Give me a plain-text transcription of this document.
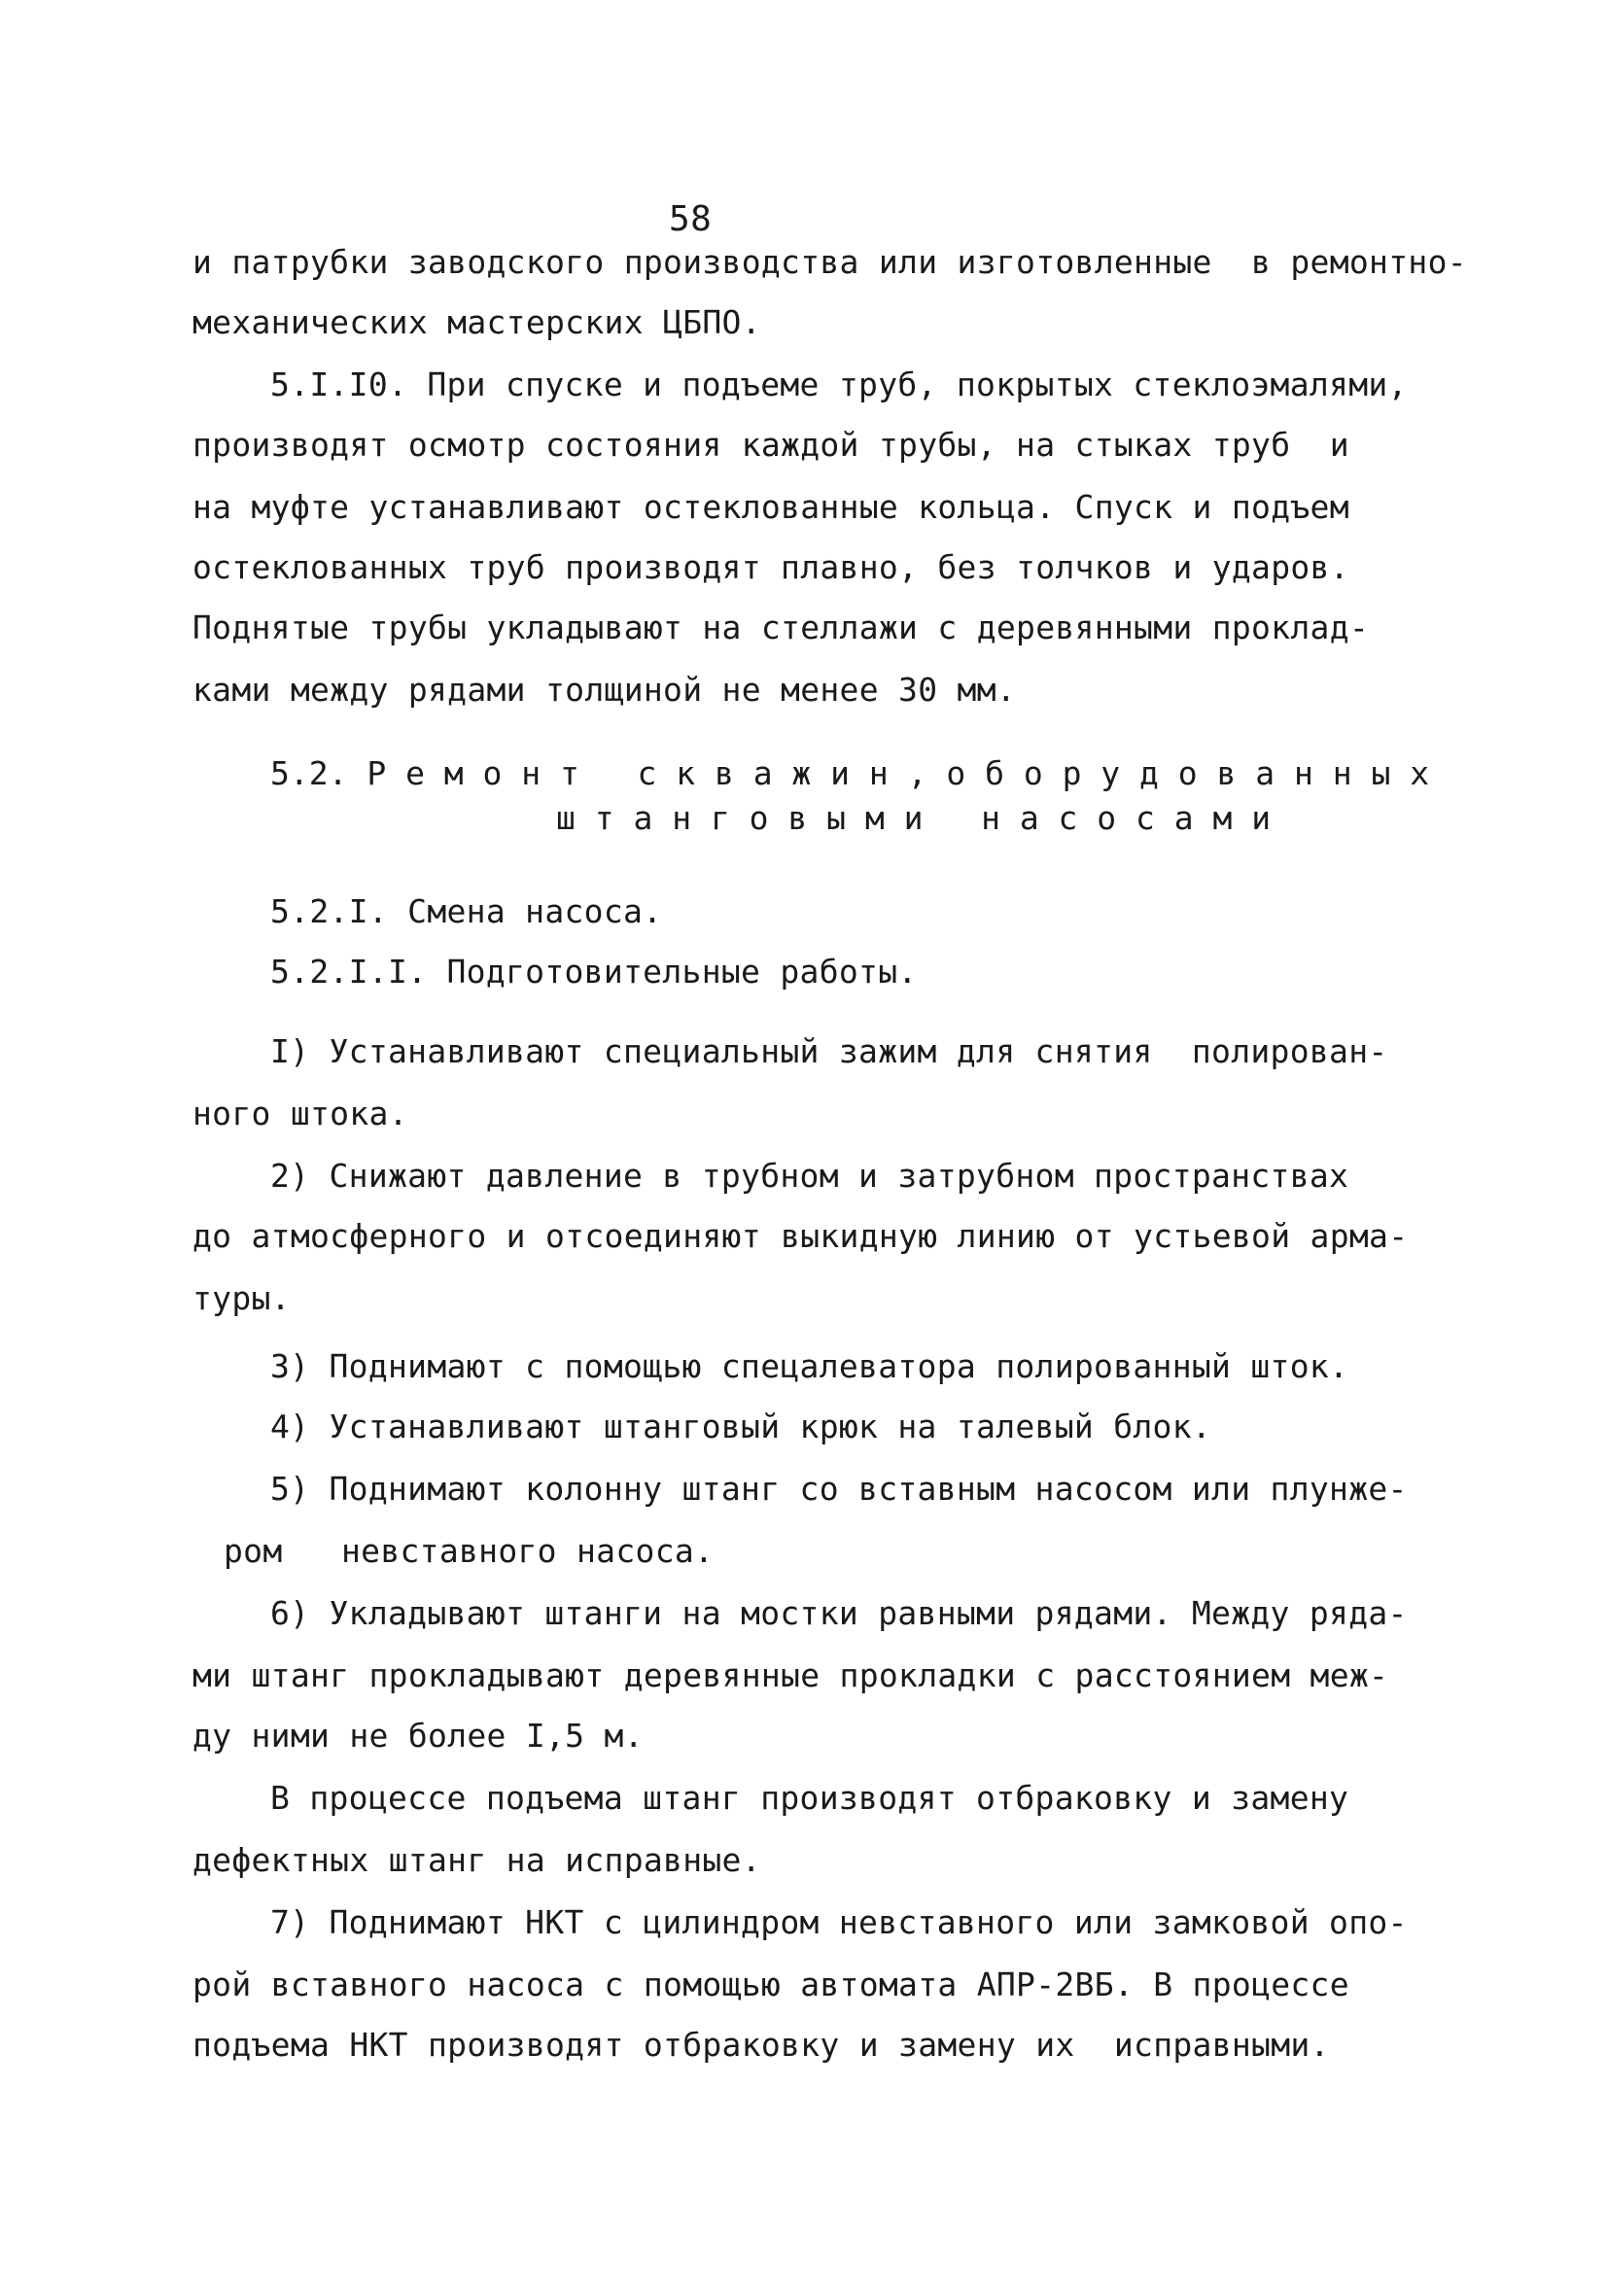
58
и патрубки заводского производства или изготовленные  в ремонтно-
механических мастерских ЦБПО.
5.I.I0. При спуске и подъеме труб, покрытых стеклоэмалями,
производят осмотр состояния каждой трубы, на стыках труб  и
на муфте устанавливают остеклованные кольца. Спуск и подъем
остеклованных труб производят плавно, без толчков и ударов.
Поднятые трубы укладывают на стеллажи с деревянными проклад-
ками между рядами толщиной не менее 30 мм.
5.2. Р е м о н т   с к в а ж и н , о б о р у д о в а н н ы х
ш т а н г о в ы м и   н а с о с а м и
5.2.I. Смена насоса.
5.2.I.I. Подготовительные работы.
I) Устанавливают специальный зажим для снятия  полирован-
ного штока.
2) Снижают давление в трубном и затрубном пространствах
до атмосферного и отсоединяют выкидную линию от устьевой арма-
туры.
3) Поднимают с помощью спецалеватора полированный шток.
4) Устанавливают штанговый крюк на талевый блок.
5) Поднимают колонну штанг со вставным насосом или плунже-
ром   невставного насоса.
6) Укладывают штанги на мостки равными рядами. Между ряда-
ми штанг прокладывают деревянные прокладки с расстоянием меж-
ду ними не более I,5 м.
В процессе подъема штанг производят отбраковку и замену
дефектных штанг на исправные.
7) Поднимают НКТ с цилиндром невставного или замковой опо-
рой вставного насоса с помощью автомата АПР-2ВБ. В процессе
подъема НКТ производят отбраковку и замену их  исправными.
